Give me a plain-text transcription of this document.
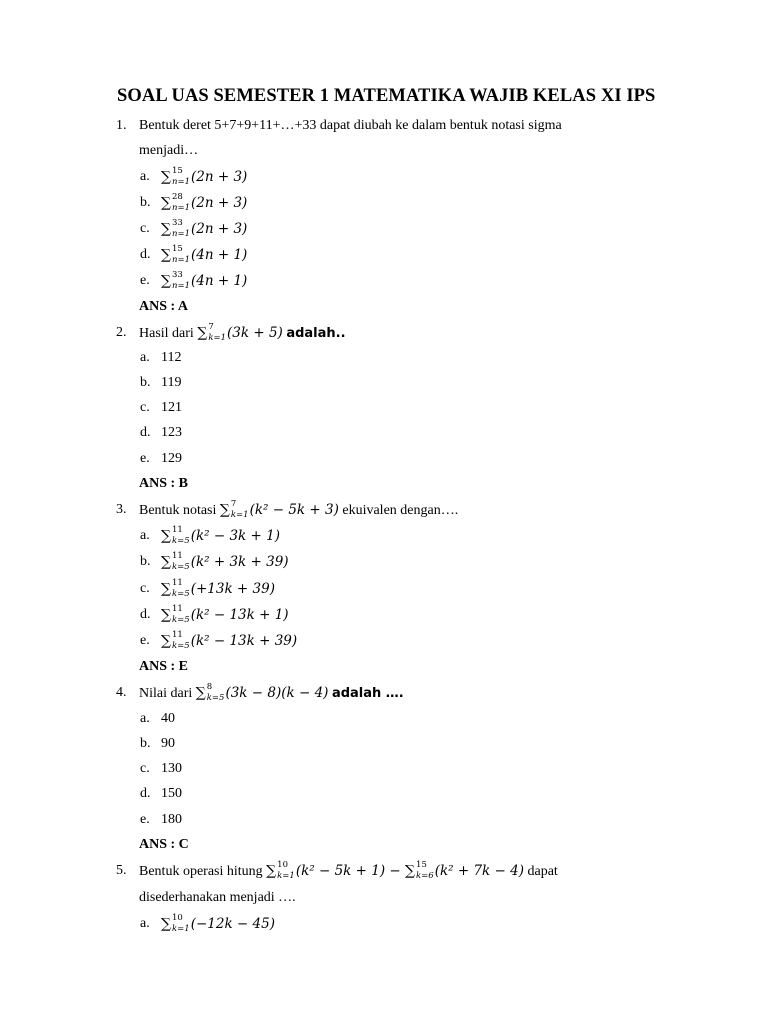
SOAL UAS SEMESTER 1 MATEMATIKA WAJIB KELAS XI IPS
1. Bentuk deret 5+7+9+11+…+33 dapat diubah ke dalam bentuk notasi sigma
menjadi…
a. ∑ 15
n=1 (2n + 3)
b. ∑ 28
n=1 (2n + 3)
c. ∑ 33
n=1 (2n + 3)
d. ∑ 15
n=1 (4n + 1)
e. ∑ 33
n=1 (4n + 1)
ANS : A
2. Hasil dari ∑ 7
k=1 (3k + 5) adalah..
a. 112
b. 119
c. 121
d. 123
e. 129
ANS : B
3. Bentuk notasi ∑ 7
k=1 (k² − 5k + 3) ekuivalen dengan….
a. ∑ 11
k=5 (k² − 3k + 1)
b. ∑ 11
k=5 (k² + 3k + 39)
c. ∑ 11
k=5 (+13k + 39)
d. ∑ 11
k=5 (k² − 13k + 1)
e. ∑ 11
k=5 (k² − 13k + 39)
ANS : E
4. Nilai dari ∑ 8
k=5 (3k − 8)(k − 4) adalah ….
a. 40
b. 90
c. 130
d. 150
e. 180
ANS : C
5. Bentuk operasi hitung ∑ 10
k=1 (k² − 5k + 1) − ∑ 15
k=6 (k² + 7k − 4) dapat
disederhanakan menjadi ….
a. ∑ 10
k=1 (−12k − 45)
